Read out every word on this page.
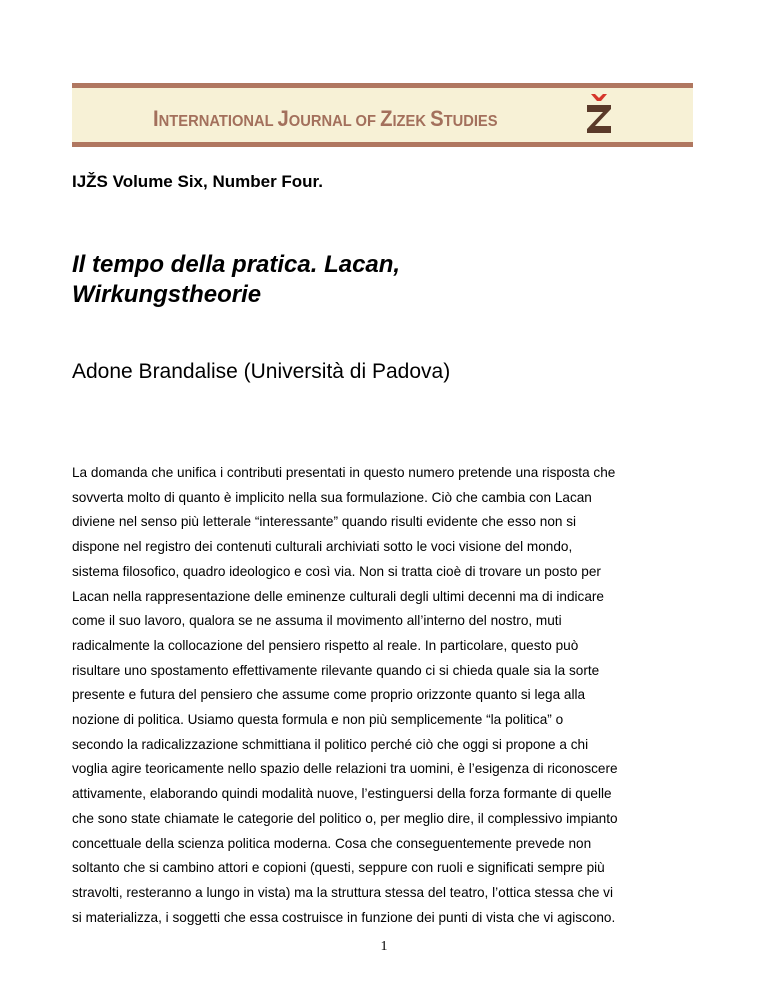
INTERNATIONAL JOURNAL OF ZIZEK STUDIES
IJŽS Volume Six, Number Four.
Il tempo della pratica. Lacan,
Wirkungstheorie
Adone Brandalise (Università di Padova)
La domanda che unifica i contributi presentati in questo numero pretende una risposta che
sovverta molto di quanto è implicito nella sua formulazione. Ciò che cambia con Lacan
diviene nel senso più letterale “interessante” quando risulti evidente che esso non si
dispone nel registro dei contenuti culturali archiviati sotto le voci visione del mondo,
sistema filosofico, quadro ideologico e così via. Non si tratta cioè di trovare un posto per
Lacan nella rappresentazione delle eminenze culturali degli ultimi decenni ma di indicare
come il suo lavoro, qualora se ne assuma il movimento all’interno del nostro, muti
radicalmente la collocazione del pensiero rispetto al reale. In particolare, questo può
risultare uno spostamento effettivamente rilevante quando ci si chieda quale sia la sorte
presente e futura del pensiero che assume come proprio orizzonte quanto si lega alla
nozione di politica. Usiamo questa formula e non più semplicemente “la politica” o
secondo la radicalizzazione schmittiana il politico perché ciò che oggi si propone a chi
voglia agire teoricamente nello spazio delle relazioni tra uomini, è l’esigenza di riconoscere
attivamente, elaborando quindi modalità nuove, l’estinguersi della forza formante di quelle
che sono state chiamate le categorie del politico o, per meglio dire, il complessivo impianto
concettuale della scienza politica moderna. Cosa che conseguentemente prevede non
soltanto che si cambino attori e copioni (questi, seppure con ruoli e significati sempre più
stravolti, resteranno a lungo in vista) ma la struttura stessa del teatro, l’ottica stessa che vi
si materializza, i soggetti che essa costruisce in funzione dei punti di vista che vi agiscono.
1
